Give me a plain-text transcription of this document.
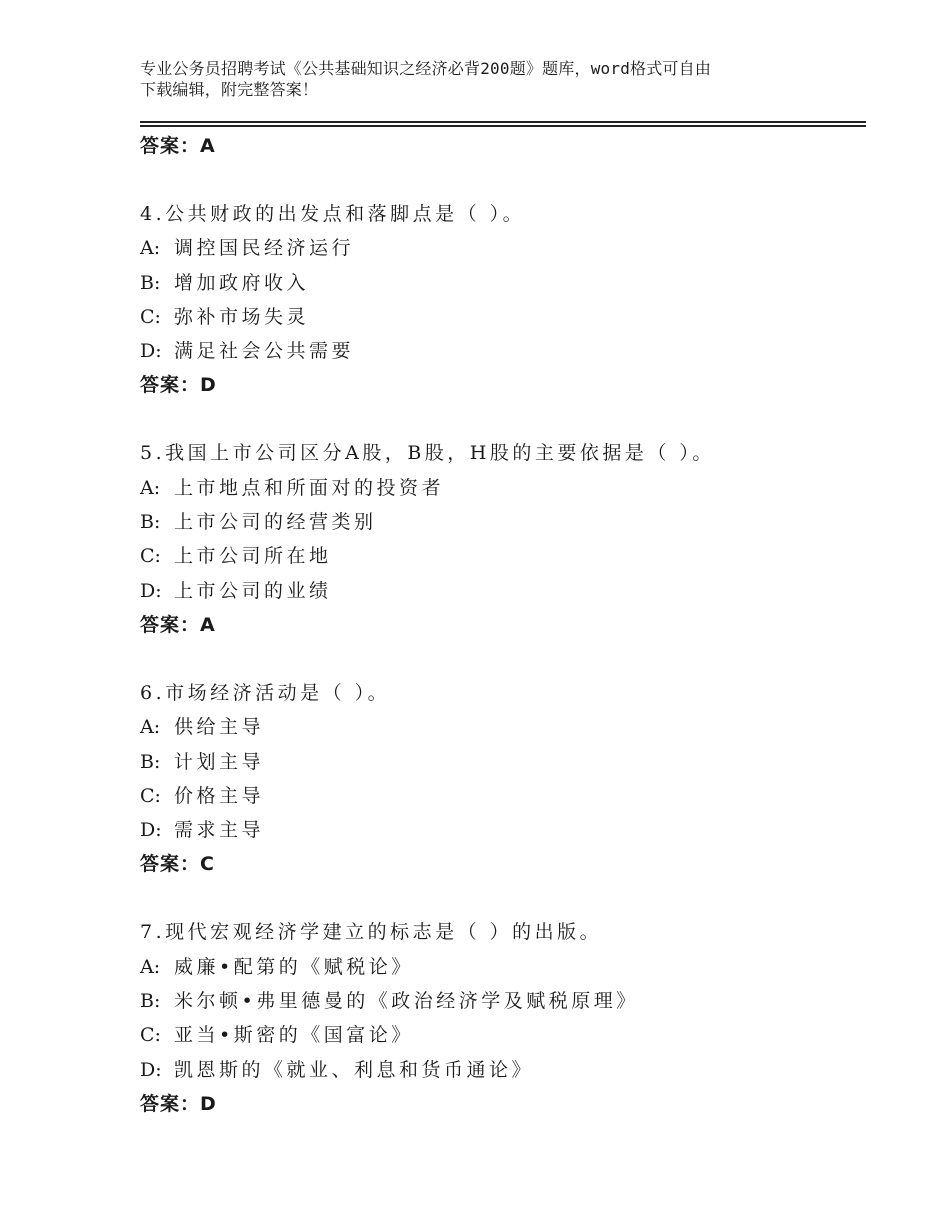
专业公务员招聘考试《公共基础知识之经济必背200题》题库，word格式可自由
下载编辑，附完整答案！
答案：A
4.公共财政的出发点和落脚点是（ ）。
A: 调控国民经济运行
B: 增加政府收入
C: 弥补市场失灵
D: 满足社会公共需要
答案：D
5.我国上市公司区分A股，B股，H股的主要依据是（ ）。
A: 上市地点和所面对的投资者
B: 上市公司的经营类别
C: 上市公司所在地
D: 上市公司的业绩
答案：A
6.市场经济活动是（ ）。
A: 供给主导
B: 计划主导
C: 价格主导
D: 需求主导
答案：C
7.现代宏观经济学建立的标志是（ ）的出版。
A: 威廉•配第的《赋税论》
B: 米尔顿•弗里德曼的《政治经济学及赋税原理》
C: 亚当•斯密的《国富论》
D: 凯恩斯的《就业、利息和货币通论》
答案：D
